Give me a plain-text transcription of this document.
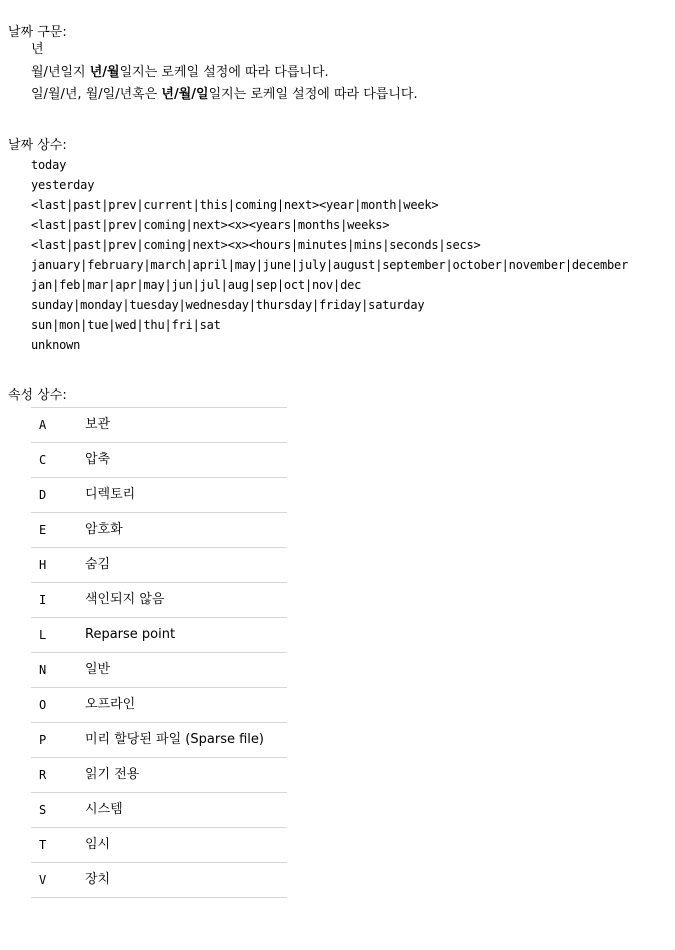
날짜 구문:
년
월/년일지 년/월일지는 로케일 설정에 따라 다릅니다.
일/월/년, 월/일/년혹은 년/월/일일지는 로케일 설정에 따라 다릅니다.
날짜 상수:
today
yesterday
<last|past|prev|current|this|coming|next><year|month|week>
<last|past|prev|coming|next><x><years|months|weeks>
<last|past|prev|coming|next><x><hours|minutes|mins|seconds|secs>
january|february|march|april|may|june|july|august|september|october|november|december
jan|feb|mar|apr|may|jun|jul|aug|sep|oct|nov|dec
sunday|monday|tuesday|wednesday|thursday|friday|saturday
sun|mon|tue|wed|thu|fri|sat
unknown
속성 상수:
A	보관
C	압축
D	디렉토리
E	암호화
H	숨김
I	색인되지 않음
L	Reparse point
N	일반
O	오프라인
P	미리 할당된 파일 (Sparse file)
R	읽기 전용
S	시스템
T	임시
V	장치
